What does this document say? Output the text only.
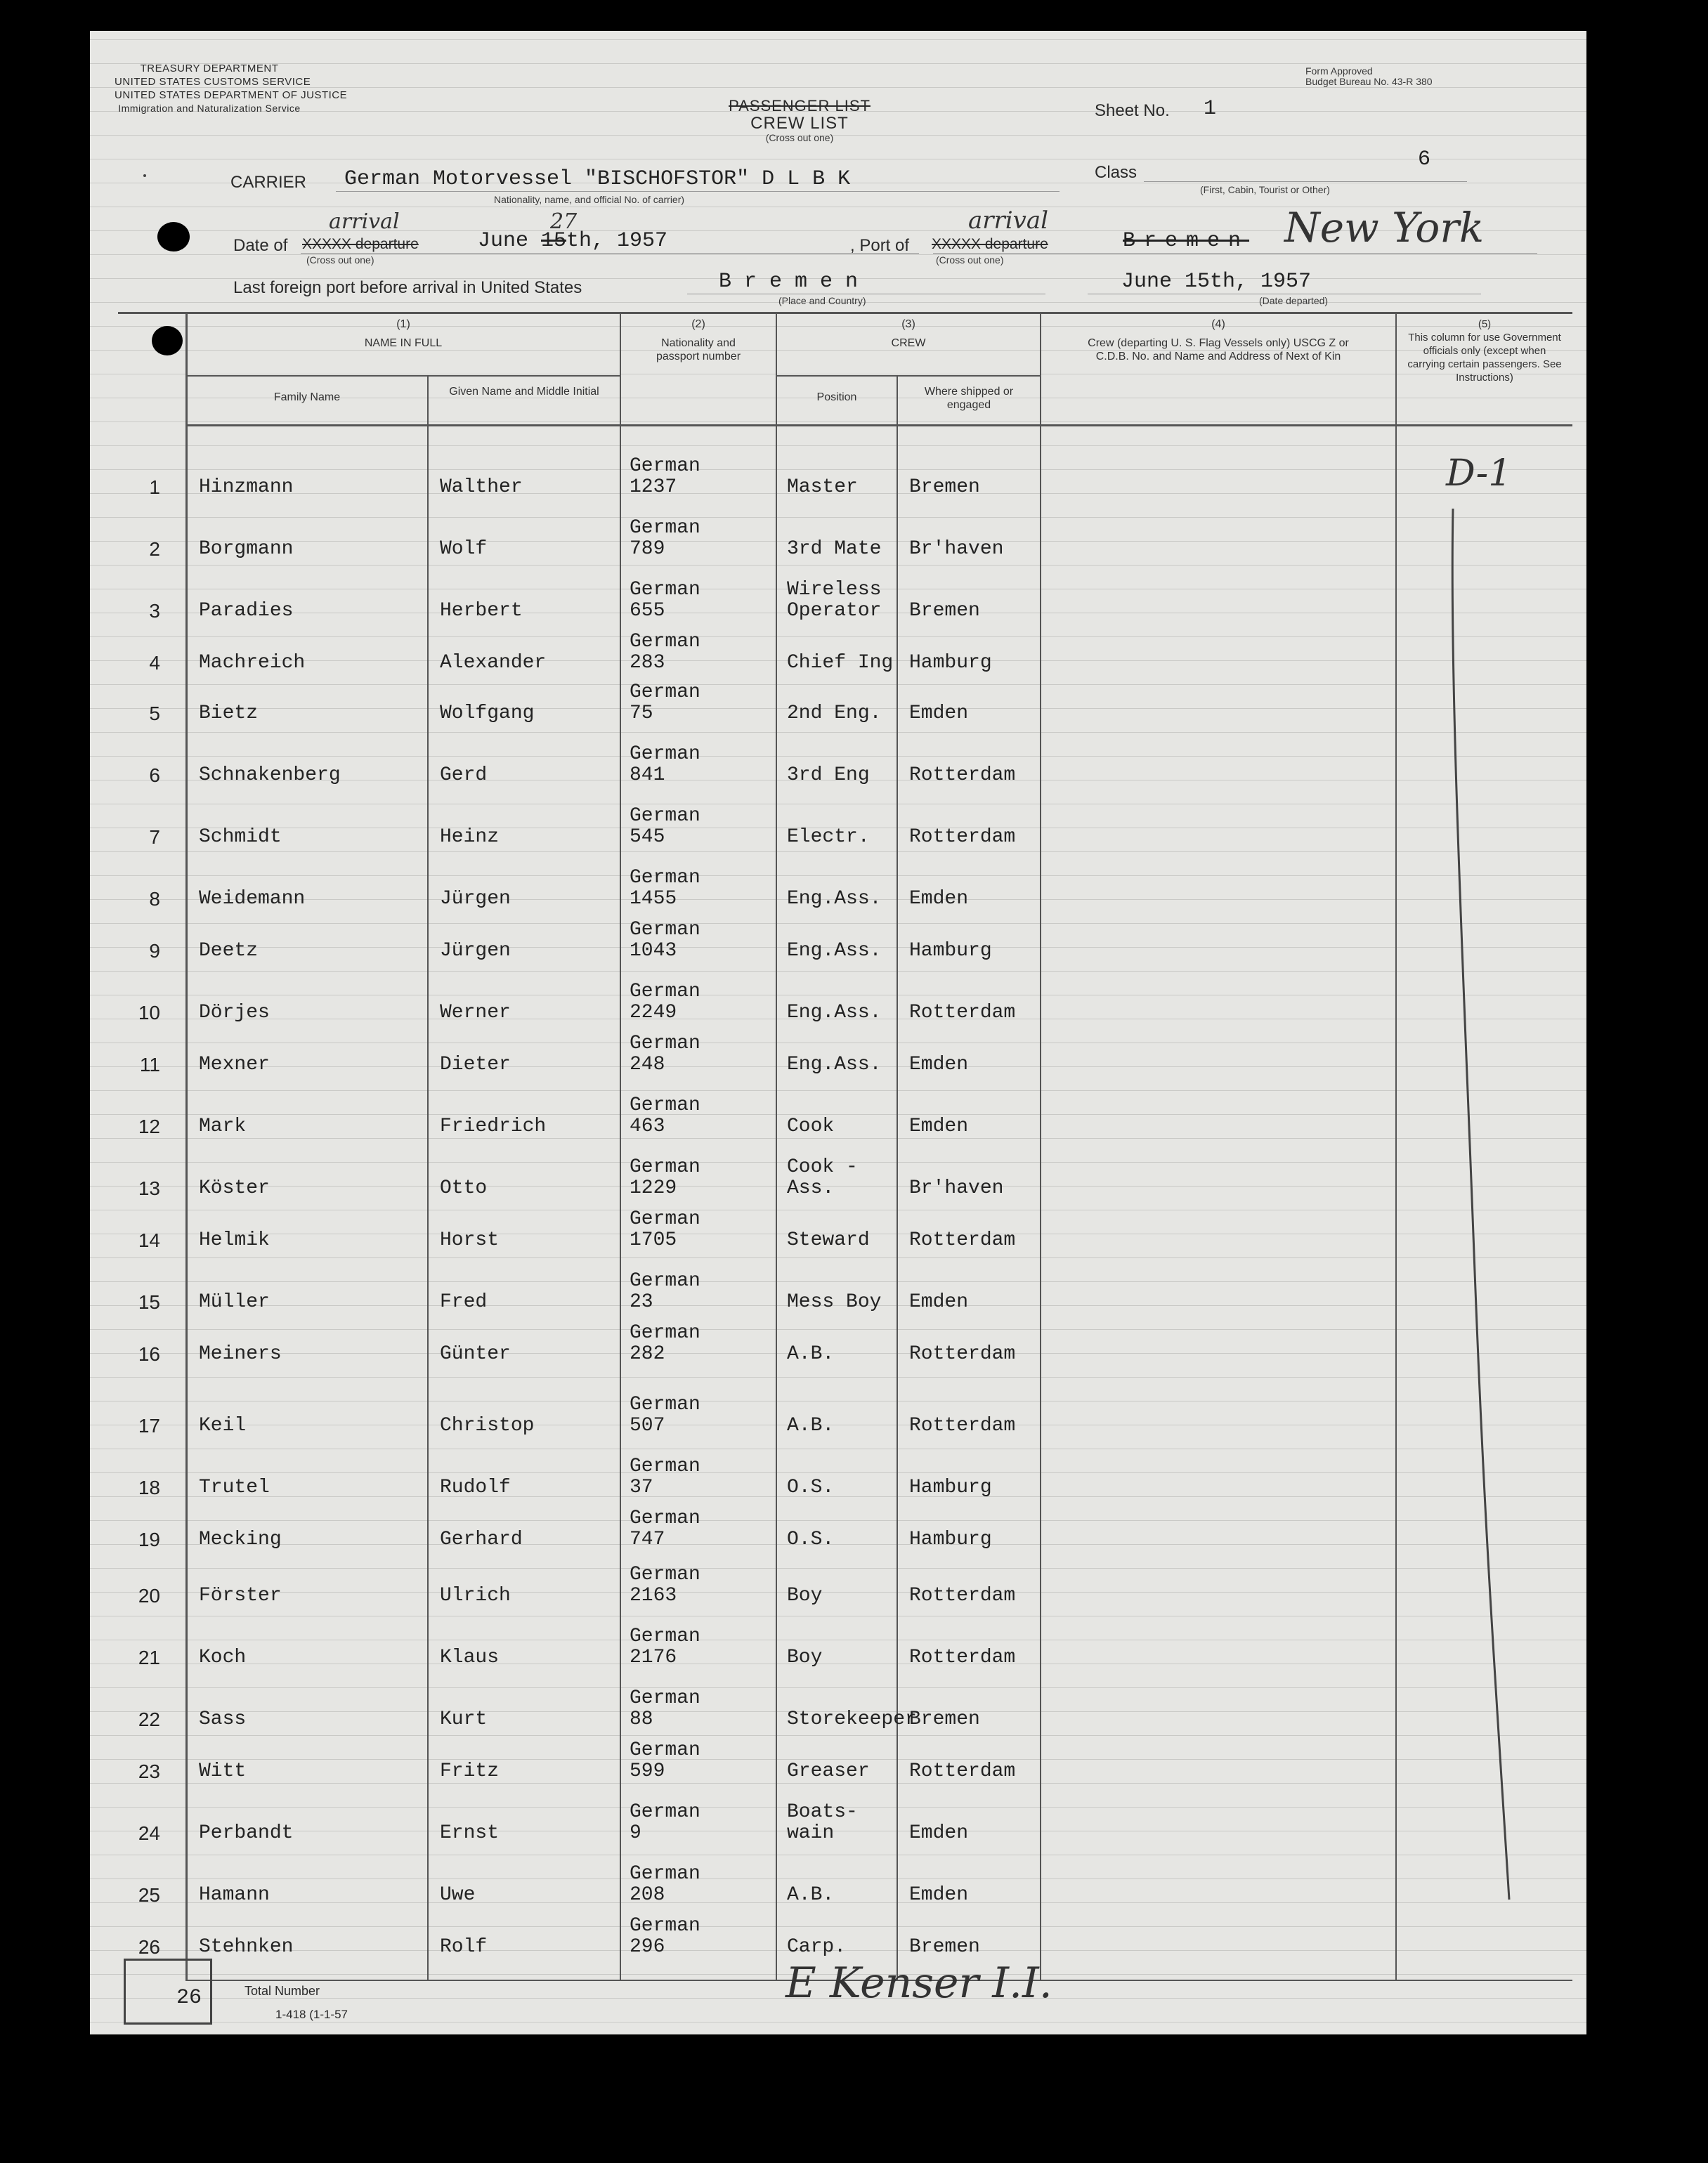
TREASURY DEPARTMENT
UNITED STATES CUSTOMS SERVICE
UNITED STATES DEPARTMENT OF JUSTICE
Immigration and Naturalization Service
Form Approved
Budget Bureau No. 43-R 380
PASSENGER LIST
CREW LIST
(Cross out one)
Sheet No. 1
Class
6
(First, Cabin, Tourist or Other)
CARRIER German Motorvessel "BISCHOFSTOR" D L B K
Nationality, name, and official No. of carrier)
Date of XXXXX departure
arrival
(Cross out one)
June 15th, 1957
27
, Port of XXXXX departure
arrival
(Cross out one)
Bremen New York
Last foreign port before arrival in United States	B r e m e n
(Place and Country)
June 15th, 1957
(Date departed)
(1)
NAME IN FULL
Family Name	Given Name and Middle Initial
(2)
Nationality and passport number
(3)
CREW
Position	Where shipped or engaged
(4)
Crew (departing U. S. Flag Vessels only) USCG Z or C.D.B. No. and Name and Address of Next of Kin
(5)
This column for use Government officials only (except when carrying certain passengers. See Instructions)
1 Hinzmann	Walther
German
1237	Master	Bremen
2 Borgmann	Wolf
German
789	3rd Mate Br'haven
3 Paradies	Herbert
German
655
Wireless
Operator Bremen
4 Machreich	Alexander
German
283	Chief Ing Hamburg
5 Bietz	Wolfgang
German
75	2nd Eng. Emden
6 Schnakenberg	Gerd
German
841	3rd Eng Rotterdam
7 Schmidt	Heinz
German
545	Electr. Rotterdam
8 Weidemann	Jürgen
German
1455	Eng.Ass. Emden
9 Deetz	Jürgen
German
1043	Eng.Ass. Hamburg
10 Dörjes	Werner
German
2249	Eng.Ass. Rotterdam
11 Mexner	Dieter
German
248	Eng.Ass. Emden
12 Mark	Friedrich
German
463	Cook	Emden
13 Köster	Otto
German
1229
Cook -
Ass.	Br'haven
14 Helmik	Horst
German
1705	Steward Rotterdam
15 Müller	Fred
German
23	Mess Boy Emden
16 Meiners	Günter
German
282	A.B.	Rotterdam
17 Keil	Christop
German
507	A.B.	Rotterdam
18 Trutel	Rudolf
German
37	O.S.	Hamburg
19 Mecking	Gerhard
German
747	O.S.	Hamburg
20 Förster	Ulrich
German
2163	Boy	Rotterdam
21 Koch	Klaus
German
2176	Boy	Rotterdam
22 Sass	Kurt
German
88	Storekeeper
Bremen
23 Witt	Fritz
German
599	Greaser Rotterdam
24 Perbandt	Ernst
German
9
Boats-
wain	Emden
25 Hamann	Uwe
German
208	A.B.	Emden
26 Stehnken	Rolf
German
296	Carp.	Bremen
D-1
26	Total Number
1-418 (1-1-57
E Kenser I.I.
